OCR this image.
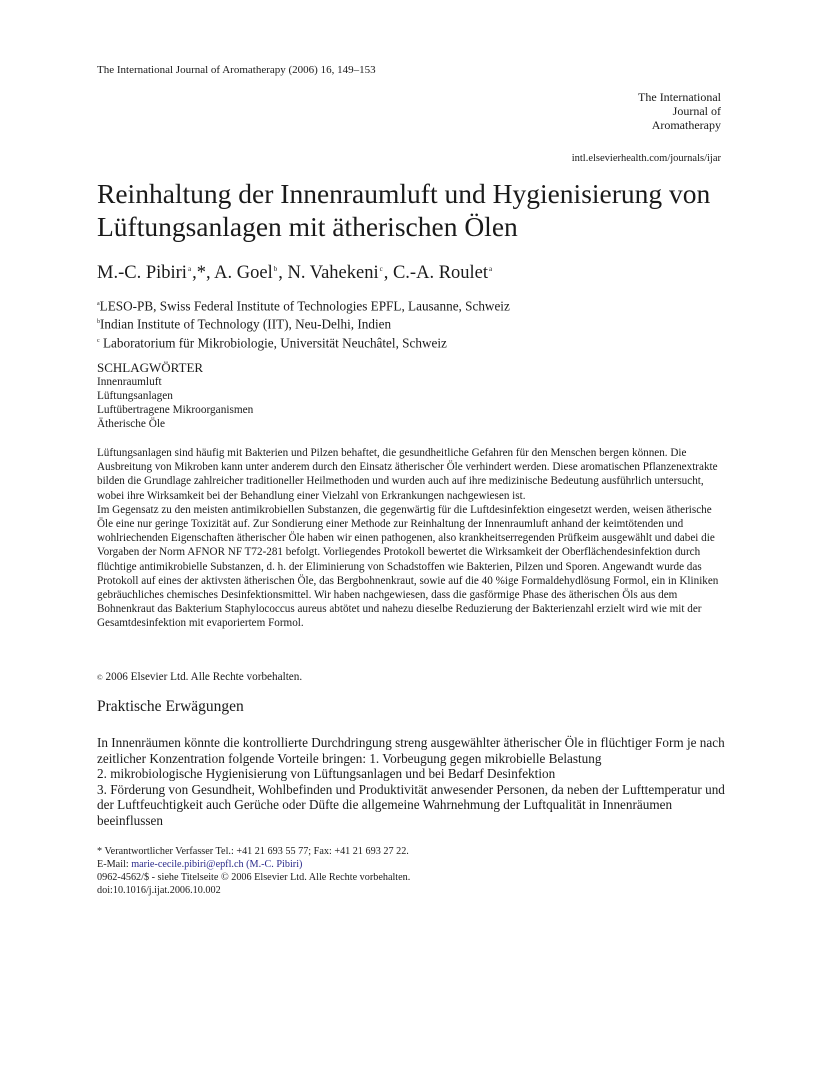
The International Journal of Aromatherapy (2006) 16, 149–153
The International
Journal of
Aromatherapy
intl.elsevierhealth.com/journals/ijar
Reinhaltung der Innenraumluft und Hygienisierung von Lüftungsanlagen mit ätherischen Ölen
M.-C. Pibiri$^a$,*, A. Goel$^b$, N. Vahekeni$^c$, C.-A. Roulet$^a$
$^a$LESO-PB, Swiss Federal Institute of Technologies EPFL, Lausanne, Schweiz
$^b$Indian Institute of Technology (IIT), Neu-Delhi, Indien
$^c$ Laboratorium für Mikrobiologie, Universität Neuchâtel, Schweiz
SCHLAGWÖRTER
Innenraumluft
Lüftungsanlagen
Luftübertragene Mikroorganismen
Ätherische Öle

Lüftungsanlagen sind häufig mit Bakterien und Pilzen behaftet, die gesundheitliche Gefahren für den Menschen bergen können. Die Ausbreitung von Mikroben kann unter anderem durch den Einsatz ätherischer Öle verhindert werden. Diese aromatischen Pflanzenextrakte bilden die Grundlage zahlreicher traditioneller Heilmethoden und wurden auch auf ihre medizinische Bedeutung ausführlich untersucht, wobei ihre Wirksamkeit bei der Behandlung einer Vielzahl von Erkrankungen nachgewiesen ist.

Im Gegensatz zu den meisten antimikrobiellen Substanzen, die gegenwärtig für die Luftdesinfektion eingesetzt werden, weisen ätherische Öle eine nur geringe Toxizität auf. Zur Sondierung einer Methode zur Reinhaltung der Innenraumluft anhand der keimtötenden und wohlriechenden Eigenschaften ätherischer Öle haben wir einen pathogenen, also krankheitserregenden Prüfkeim ausgewählt und dabei die Vorgaben der Norm AFNOR NF T72-281 befolgt. Vorliegendes Protokoll bewertet die Wirksamkeit der Oberflächendesinfektion durch flüchtige antimikrobielle Substanzen, d. h. der Eliminierung von Schadstoffen wie Bakterien, Pilzen und Sporen. Angewandt wurde das Protokoll auf eines der aktivsten ätherischen Öle, das Bergbohnenkraut, sowie auf die 40 %ige Formaldehydlösung Formol, ein in Kliniken gebräuchliches chemisches Desinfektionsmittel. Wir haben nachgewiesen, dass die gasförmige Phase des ätherischen Öls aus dem Bohnenkraut das Bakterium Staphylococcus aureus abtötet und nahezu dieselbe Reduzierung der Bakterienzahl erzielt wird wie mit der Gesamtdesinfektion mit evaporiertem Formol.

© 2006 Elsevier Ltd. Alle Rechte vorbehalten.
Praktische Erwägungen

In Innenräumen könnte die kontrollierte Durchdringung streng ausgewählter ätherischer Öle in flüchtiger Form je nach zeitlicher Konzentration folgende Vorteile bringen: 1. Vorbeugung gegen mikrobielle Belastung

2. mikrobiologische Hygienisierung von Lüftungsanlagen und bei Bedarf Desinfektion

3. Förderung von Gesundheit, Wohlbefinden und Produktivität anwesender Personen, da neben der Lufttemperatur und der Luftfeuchtigkeit auch Gerüche oder Düfte die allgemeine Wahrnehmung der Luftqualität in Innenräumen beeinflussen

* Verantwortlicher Verfasser Tel.: +41 21 693 55 77; Fax: +41 21 693 27 22.
E-Mail: marie-cecile.pibiri@epfl.ch (M.-C. Pibiri)
0962-4562/$ - siehe Titelseite © 2006 Elsevier Ltd. Alle Rechte vorbehalten.
doi:10.1016/j.ijat.2006.10.002
